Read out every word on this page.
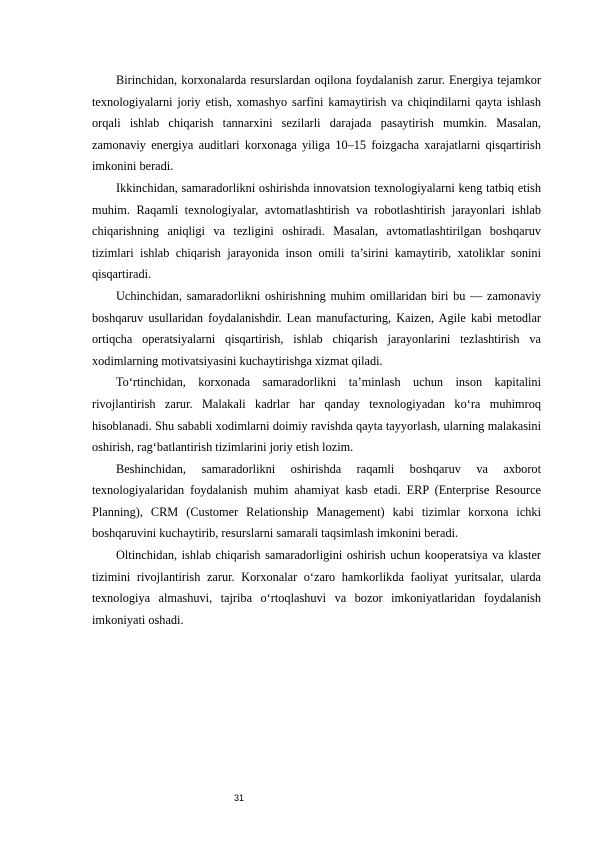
Birinchidan, korxonalarda resurslardan oqilona foydalanish zarur. Energiya tejamkor texnologiyalarni joriy etish, xomashyo sarfini kamaytirish va chiqindilarni qayta ishlash orqali ishlab chiqarish tannarxini sezilarli darajada pasaytirish mumkin. Masalan, zamonaviy energiya auditlari korxonaga yiliga 10–15 foizgacha xarajatlarni qisqartirish imkonini beradi.

Ikkinchidan, samaradorlikni oshirishda innovatsion texnologiyalarni keng tatbiq etish muhim. Raqamli texnologiyalar, avtomatlashtirish va robotlashtirish jarayonlari ishlab chiqarishning aniqligi va tezligini oshiradi. Masalan, avtomatlashtirilgan boshqaruv tizimlari ishlab chiqarish jarayonida inson omili ta’sirini kamaytirib, xatoliklar sonini qisqartiradi.

Uchinchidan, samaradorlikni oshirishning muhim omillaridan biri bu — zamonaviy boshqaruv usullaridan foydalanishdir. Lean manufacturing, Kaizen, Agile kabi metodlar ortiqcha operatsiyalarni qisqartirish, ishlab chiqarish jarayonlarini tezlashtirish va xodimlarning motivatsiyasini kuchaytirishga xizmat qiladi.

To‘rtinchidan, korxonada samaradorlikni ta’minlash uchun inson kapitalini rivojlantirish zarur. Malakali kadrlar har qanday texnologiyadan ko‘ra muhimroq hisoblanadi. Shu sababli xodimlarni doimiy ravishda qayta tayyorlash, ularning malakasini oshirish, rag‘batlantirish tizimlarini joriy etish lozim.

Beshinchidan, samaradorlikni oshirishda raqamli boshqaruv va axborot texnologiyalaridan foydalanish muhim ahamiyat kasb etadi. ERP (Enterprise Resource Planning), CRM (Customer Relationship Management) kabi tizimlar korxona ichki boshqaruvini kuchaytirib, resurslarni samarali taqsimlash imkonini beradi.

Oltinchidan, ishlab chiqarish samaradorligini oshirish uchun kooperatsiya va klaster tizimini rivojlantirish zarur. Korxonalar o‘zaro hamkorlikda faoliyat yuritsalar, ularda texnologiya almashuvi, tajriba o‘rtoqlashuvi va bozor imkoniyatlaridan foydalanish imkoniyati oshadi.

31
